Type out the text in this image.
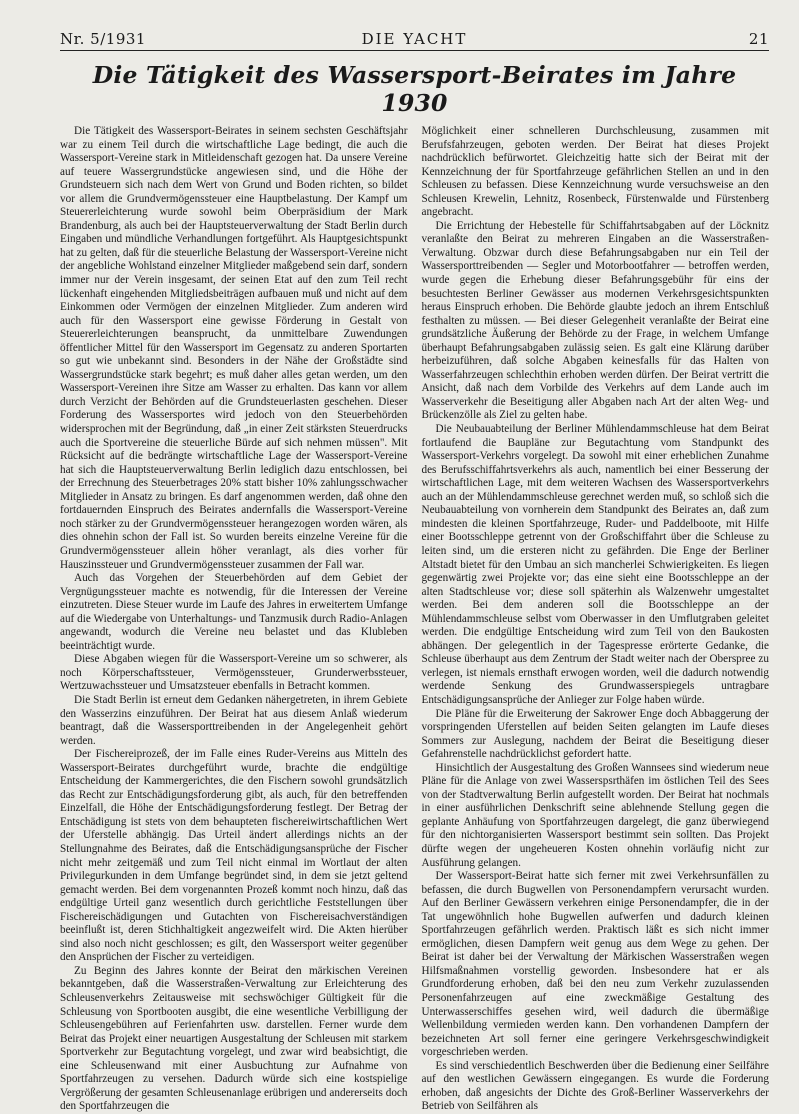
Nr. 5/1931	DIE YACHT	21
Die Tätigkeit des Wassersport-Beirates im Jahre 1930

Die Tätigkeit des Wassersport-Beirates in seinem sechsten Geschäftsjahr war zu einem Teil durch die wirtschaftliche Lage bedingt, die auch die Wassersport-Vereine stark in Mitleidenschaft gezogen hat. Da unsere Vereine auf teuere Wassergrundstücke angewiesen sind, und die Höhe der Grundsteuern sich nach dem Wert von Grund und Boden richten, so bildet vor allem die Grundvermögenssteuer eine Hauptbelastung. Der Kampf um Steuererleichterung wurde sowohl beim Oberpräsidium der Mark Brandenburg, als auch bei der Hauptsteuerverwaltung der Stadt Berlin durch Eingaben und mündliche Verhandlungen fortgeführt. Als Hauptgesichtspunkt hat zu gelten, daß für die steuerliche Belastung der Wassersport-Vereine nicht der angebliche Wohlstand einzelner Mitglieder maßgebend sein darf, sondern immer nur der Verein insgesamt, der seinen Etat auf den zum Teil recht lückenhaft eingehenden Mitgliedsbeiträgen aufbauen muß und nicht auf dem Einkommen oder Vermögen der einzelnen Mitglieder. Zum anderen wird auch für den Wassersport eine gewisse Förderung in Gestalt von Steuererleichterungen beansprucht, da unmittelbare Zuwendungen öffentlicher Mittel für den Wassersport im Gegensatz zu anderen Sportarten so gut wie unbekannt sind. Besonders in der Nähe der Großstädte sind Wassergrundstücke stark begehrt; es muß daher alles getan werden, um den Wassersport-Vereinen ihre Sitze am Wasser zu erhalten. Das kann vor allem durch Verzicht der Behörden auf die Grundsteuerlasten geschehen. Dieser Forderung des Wassersportes wird jedoch von den Steuerbehörden widersprochen mit der Begründung, daß „in einer Zeit stärksten Steuerdrucks auch die Sportvereine die steuerliche Bürde auf sich nehmen müssen". Mit Rücksicht auf die bedrängte wirtschaftliche Lage der Wassersport-Vereine hat sich die Hauptsteuerverwaltung Berlin lediglich dazu entschlossen, bei der Errechnung des Steuerbetrages 20% statt bisher 10% zahlungsschwacher Mitglieder in Ansatz zu bringen. Es darf angenommen werden, daß ohne den fortdauernden Einspruch des Beirates andernfalls die Wassersport-Vereine noch stärker zu der Grundvermögenssteuer herangezogen worden wären, als dies ohnehin schon der Fall ist. So wurden bereits einzelne Vereine für die Grundvermögenssteuer allein höher veranlagt, als dies vorher für Hauszinssteuer und Grundvermögenssteuer zusammen der Fall war.

Auch das Vorgehen der Steuerbehörden auf dem Gebiet der Vergnügungssteuer machte es notwendig, für die Interessen der Vereine einzutreten. Diese Steuer wurde im Laufe des Jahres in erweitertem Umfange auf die Wiedergabe von Unterhaltungs- und Tanzmusik durch Radio-Anlagen angewandt, wodurch die Vereine neu belastet und das Klubleben beeinträchtigt wurde.

Diese Abgaben wiegen für die Wassersport-Vereine um so schwerer, als noch Körperschaftssteuer, Vermögenssteuer, Grunderwerbssteuer, Wertzuwachssteuer und Umsatzsteuer ebenfalls in Betracht kommen.

Die Stadt Berlin ist erneut dem Gedanken nähergetreten, in ihrem Gebiete den Wasserzins einzuführen. Der Beirat hat aus diesem Anlaß wiederum beantragt, daß die Wassersporttreibenden in der Angelegenheit gehört werden.

Der Fischereiprozeß, der im Falle eines Ruder-Vereins aus Mitteln des Wassersport-Beirates durchgeführt wurde, brachte die endgültige Entscheidung der Kammergerichtes, die den Fischern sowohl grundsätzlich das Recht zur Entschädigungsforderung gibt, als auch, für den betreffenden Einzelfall, die Höhe der Entschädigungsforderung festlegt. Der Betrag der Entschädigung ist stets von dem behaupteten fischereiwirtschaftlichen Wert der Uferstelle abhängig. Das Urteil ändert allerdings nichts an der Stellungnahme des Beirates, daß die Entschädigungsansprüche der Fischer nicht mehr zeitgemäß und zum Teil nicht einmal im Wortlaut der alten Privilegurkunden in dem Umfange begründet sind, in dem sie jetzt geltend gemacht werden. Bei dem vorgenannten Prozeß kommt noch hinzu, daß das endgültige Urteil ganz wesentlich durch gerichtliche Feststellungen über Fischereischädigungen und Gutachten von Fischereisachverständigen beeinflußt ist, deren Stichhaltigkeit angezweifelt wird. Die Akten hierüber sind also noch nicht geschlossen; es gilt, den Wassersport weiter gegenüber den Ansprüchen der Fischer zu verteidigen.

Zu Beginn des Jahres konnte der Beirat den märkischen Vereinen bekanntgeben, daß die Wasserstraßen-Verwaltung zur Erleichterung des Schleusenverkehrs Zeitausweise mit sechswöchiger Gültigkeit für die Schleusung von Sportbooten ausgibt, die eine wesentliche Verbilligung der Schleusengebühren auf Ferienfahrten usw. darstellen. Ferner wurde dem Beirat das Projekt einer neuartigen Ausgestaltung der Schleusen mit starkem Sportverkehr zur Begutachtung vorgelegt, und zwar wird beabsichtigt, die eine Schleusenwand mit einer Ausbuchtung zur Aufnahme von Sportfahrzeugen zu versehen. Dadurch würde sich eine kostspielige Vergrößerung der gesamten Schleusenanlage erübrigen und andererseits doch den Sportfahrzeugen die

Möglichkeit einer schnelleren Durchschleusung, zusammen mit Berufsfahrzeugen, geboten werden. Der Beirat hat dieses Projekt nachdrücklich befürwortet. Gleichzeitig hatte sich der Beirat mit der Kennzeichnung der für Sportfahrzeuge gefährlichen Stellen an und in den Schleusen zu befassen. Diese Kennzeichnung wurde versuchsweise an den Schleusen Krewelin, Lehnitz, Rosenbeck, Fürstenwalde und Fürstenberg angebracht.

Die Errichtung der Hebestelle für Schiffahrtsabgaben auf der Löcknitz veranlaßte den Beirat zu mehreren Eingaben an die Wasserstraßen-Verwaltung. Obzwar durch diese Befahrungsabgaben nur ein Teil der Wassersporttreibenden — Segler und Motorbootfahrer — betroffen werden, wurde gegen die Erhebung dieser Befahrungsgebühr für eins der besuchtesten Berliner Gewässer aus modernen Verkehrsgesichtspunkten heraus Einspruch erhoben. Die Behörde glaubte jedoch an ihrem Entschluß festhalten zu müssen. — Bei dieser Gelegenheit veranlaßte der Beirat eine grundsätzliche Äußerung der Behörde zu der Frage, in welchem Umfange überhaupt Befahrungsabgaben zulässig seien. Es galt eine Klärung darüber herbeizuführen, daß solche Abgaben keinesfalls für das Halten von Wasserfahrzeugen schlechthin erhoben werden dürfen. Der Beirat vertritt die Ansicht, daß nach dem Vorbilde des Verkehrs auf dem Lande auch im Wasserverkehr die Beseitigung aller Abgaben nach Art der alten Weg- und Brückenzölle als Ziel zu gelten habe.

Die Neubauabteilung der Berliner Mühlendammschleuse hat dem Beirat fortlaufend die Baupläne zur Begutachtung vom Standpunkt des Wassersport-Verkehrs vorgelegt. Da sowohl mit einer erheblichen Zunahme des Berufsschiffahrtsverkehrs als auch, namentlich bei einer Besserung der wirtschaftlichen Lage, mit dem weiteren Wachsen des Wassersportverkehrs auch an der Mühlendammschleuse gerechnet werden muß, so schloß sich die Neubauabteilung von vornherein dem Standpunkt des Beirates an, daß zum mindesten die kleinen Sportfahrzeuge, Ruder- und Paddelboote, mit Hilfe einer Bootsschleppe getrennt von der Großschiffahrt über die Schleuse zu leiten sind, um die ersteren nicht zu gefährden. Die Enge der Berliner Altstadt bietet für den Umbau an sich mancherlei Schwierigkeiten. Es liegen gegenwärtig zwei Projekte vor; das eine sieht eine Bootsschleppe an der alten Stadtschleuse vor; diese soll späterhin als Walzenwehr umgestaltet werden. Bei dem anderen soll die Bootsschleppe an der Mühlendammschleuse selbst vom Oberwasser in den Umflutgraben geleitet werden. Die endgültige Entscheidung wird zum Teil von den Baukosten abhängen. Der gelegentlich in der Tagespresse erörterte Gedanke, die Schleuse überhaupt aus dem Zentrum der Stadt weiter nach der Oberspree zu verlegen, ist niemals ernsthaft erwogen worden, weil die dadurch notwendig werdende Senkung des Grundwasserspiegels untragbare Entschädigungsansprüche der Anlieger zur Folge haben würde.

Die Pläne für die Erweiterung der Sakrower Enge doch Abbaggerung der vorspringenden Uferstellen auf beiden Seiten gelangten im Laufe dieses Sommers zur Auslegung, nachdem der Beirat die Beseitigung dieser Gefahrenstelle nachdrücklichst gefordert hatte.

Hinsichtlich der Ausgestaltung des Großen Wannsees sind wiederum neue Pläne für die Anlage von zwei Wasserspsrthäfen im östlichen Teil des Sees von der Stadtverwaltung Berlin aufgestellt worden. Der Beirat hat nochmals in einer ausführlichen Denkschrift seine ablehnende Stellung gegen die geplante Anhäufung von Sportfahrzeugen dargelegt, die ganz überwiegend für den nichtorganisierten Wassersport bestimmt sein sollten. Das Projekt dürfte wegen der ungeheueren Kosten ohnehin vorläufig nicht zur Ausführung gelangen.

Der Wassersport-Beirat hatte sich ferner mit zwei Verkehrsunfällen zu befassen, die durch Bugwellen von Personendampfern verursacht wurden. Auf den Berliner Gewässern verkehren einige Personendampfer, die in der Tat ungewöhnlich hohe Bugwellen aufwerfen und dadurch kleinen Sportfahrzeugen gefährlich werden. Praktisch läßt es sich nicht immer ermöglichen, diesen Dampfern weit genug aus dem Wege zu gehen. Der Beirat ist daher bei der Verwaltung der Märkischen Wasserstraßen wegen Hilfsmaßnahmen vorstellig geworden. Insbesondere hat er als Grundforderung erhoben, daß bei den neu zum Verkehr zuzulassenden Personenfahrzeugen auf eine zweckmäßige Gestaltung des Unterwasserschiffes gesehen wird, weil dadurch die übermäßige Wellenbildung vermieden werden kann. Den vorhandenen Dampfern der bezeichneten Art soll ferner eine geringere Verkehrsgeschwindigkeit vorgeschrieben werden.

Es sind verschiedentlich Beschwerden über die Bedienung einer Seilfähre auf den westlichen Gewässern eingegangen. Es wurde die Forderung erhoben, daß angesichts der Dichte des Groß-Berliner Wasserverkehrs der Betrieb von Seilfähren als
